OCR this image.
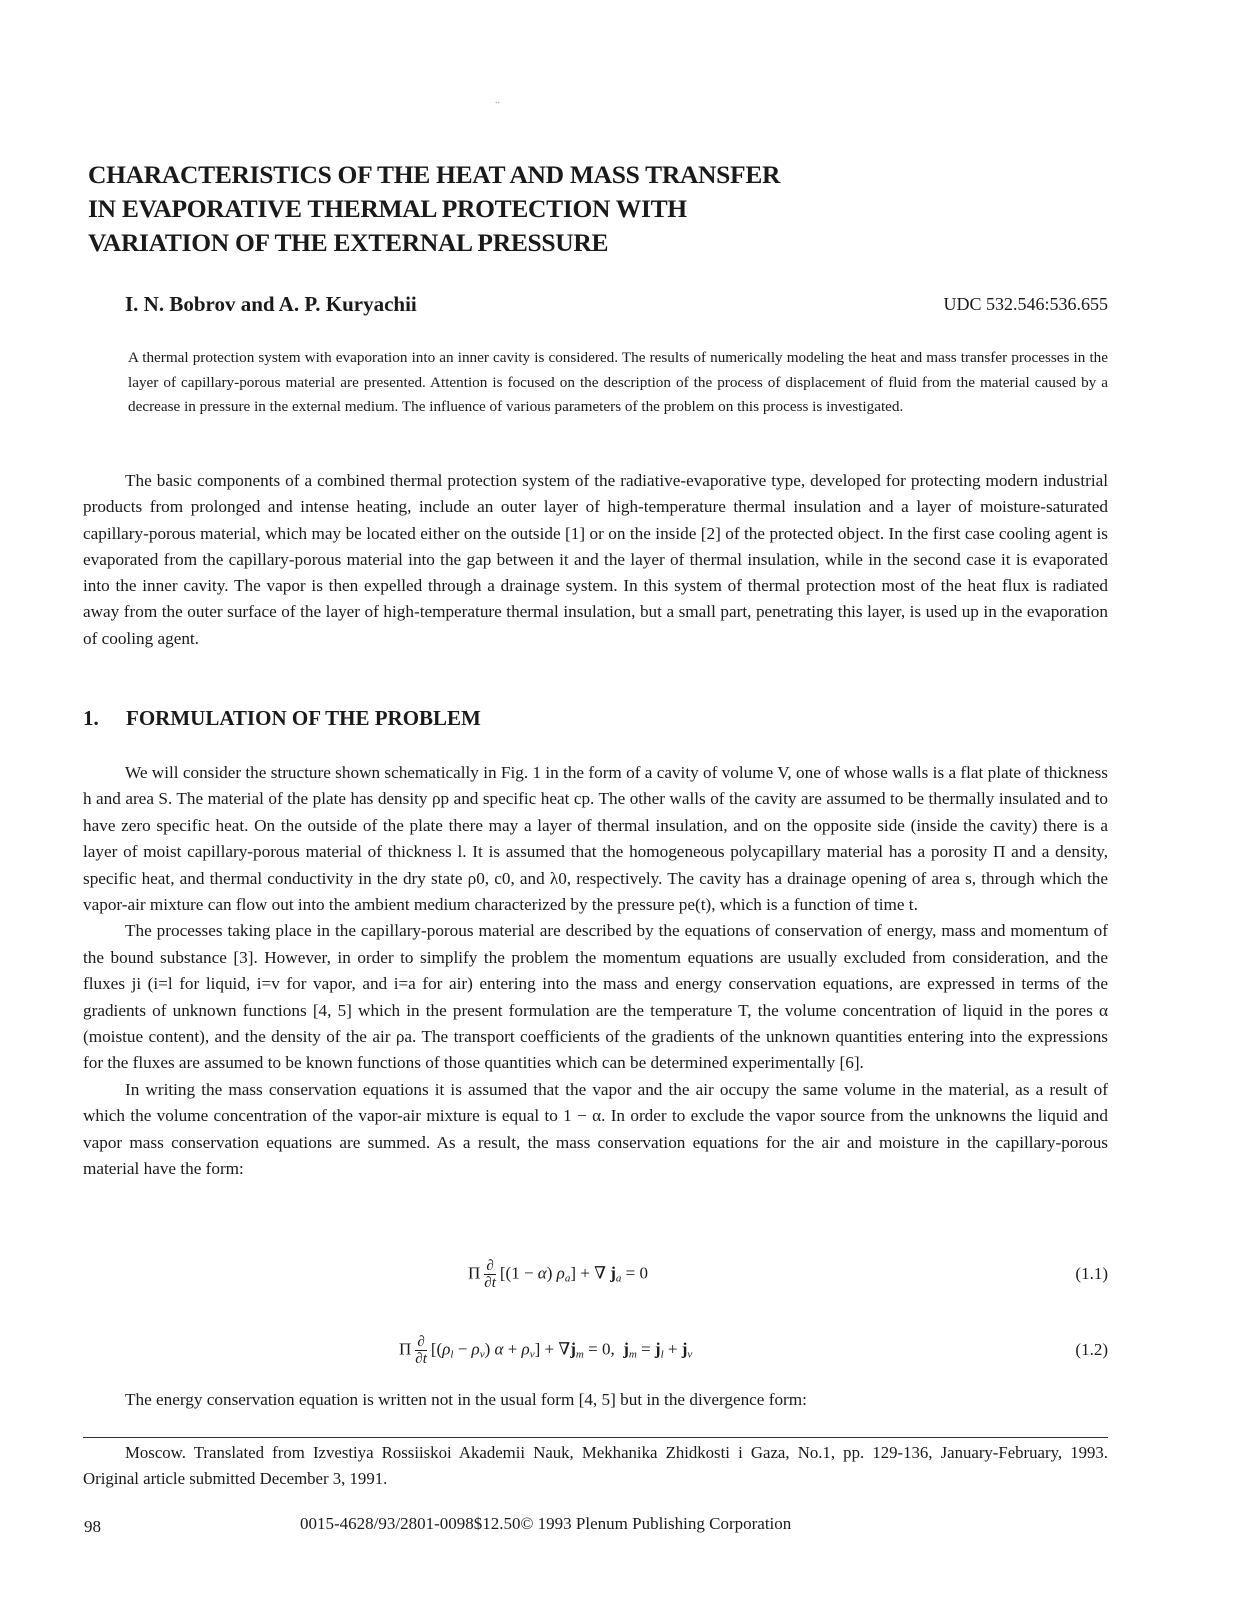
..
CHARACTERISTICS OF THE HEAT AND MASS TRANSFER
IN EVAPORATIVE THERMAL PROTECTION WITH
VARIATION OF THE EXTERNAL PRESSURE
I. N. Bobrov and A. P. Kuryachii	UDC 532.546:536.655
A thermal protection system with evaporation into an inner cavity is considered. The results of numerically modeling the heat and mass transfer processes in the layer of capillary-porous material are presented. Attention is focused on the description of the process of displacement of fluid from the material caused by a decrease in pressure in the external medium. The influence of various parameters of the problem on this process is investigated.

The basic components of a combined thermal protection system of the radiative-evaporative type, developed for protecting modern industrial products from prolonged and intense heating, include an outer layer of high-temperature thermal insulation and a layer of moisture-saturated capillary-porous material, which may be located either on the outside [1] or on the inside [2] of the protected object. In the first case cooling agent is evaporated from the capillary-porous material into the gap between it and the layer of thermal insulation, while in the second case it is evaporated into the inner cavity. The vapor is then expelled through a drainage system. In this system of thermal protection most of the heat flux is radiated away from the outer surface of the layer of high-temperature thermal insulation, but a small part, penetrating this layer, is used up in the evaporation of cooling agent.

1. FORMULATION OF THE PROBLEM

We will consider the structure shown schematically in Fig. 1 in the form of a cavity of volume V, one of whose walls is a flat plate of thickness h and area S. The material of the plate has density ρp and specific heat cp. The other walls of the cavity are assumed to be thermally insulated and to have zero specific heat. On the outside of the plate there may a layer of thermal insulation, and on the opposite side (inside the cavity) there is a layer of moist capillary-porous material of thickness l. It is assumed that the homogeneous polycapillary material has a porosity Π and a density, specific heat, and thermal conductivity in the dry state ρ0, c0, and λ0, respectively. The cavity has a drainage opening of area s, through which the vapor-air mixture can flow out into the ambient medium characterized by the pressure pe(t), which is a function of time t.

The processes taking place in the capillary-porous material are described by the equations of conservation of energy, mass and momentum of the bound substance [3]. However, in order to simplify the problem the momentum equations are usually excluded from consideration, and the fluxes ji (i=l for liquid, i=v for vapor, and i=a for air) entering into the mass and energy conservation equations, are expressed in terms of the gradients of unknown functions [4, 5] which in the present formulation are the temperature T, the volume concentration of liquid in the pores α (moistue content), and the density of the air ρa. The transport coefficients of the gradients of the unknown quantities entering into the expressions for the fluxes are assumed to be known functions of those quantities which can be determined experimentally [6].

In writing the mass conservation equations it is assumed that the vapor and the air occupy the same volume in the material, as a result of which the volume concentration of the vapor-air mixture is equal to 1 − α. In order to exclude the vapor source from the unknowns the liquid and vapor mass conservation equations are summed. As a result, the mass conservation equations for the air and moisture in the capillary-porous material have the form:

Π $\frac{\partial}{\partial t} [(1 - \alpha) \rho_a]$ + ∇ $j_a = 0$	(1.1)
Π $\frac{\partial}{\partial t} [(\rho_l - \rho_v) \alpha + \rho_v] + \nabla j_m = 0$,  $j_m = j_l + j_v$	(1.2)
The energy conservation equation is written not in the usual form [4, 5] but in the divergence form:
Moscow. Translated from Izvestiya Rossiiskoi Akademii Nauk, Mekhanika Zhidkosti i Gaza, No.1, pp. 129-136, January-February, 1993. Original article submitted December 3, 1991.
98	0015-4628/93/2801-0098$12.50© 1993 Plenum Publishing Corporation
